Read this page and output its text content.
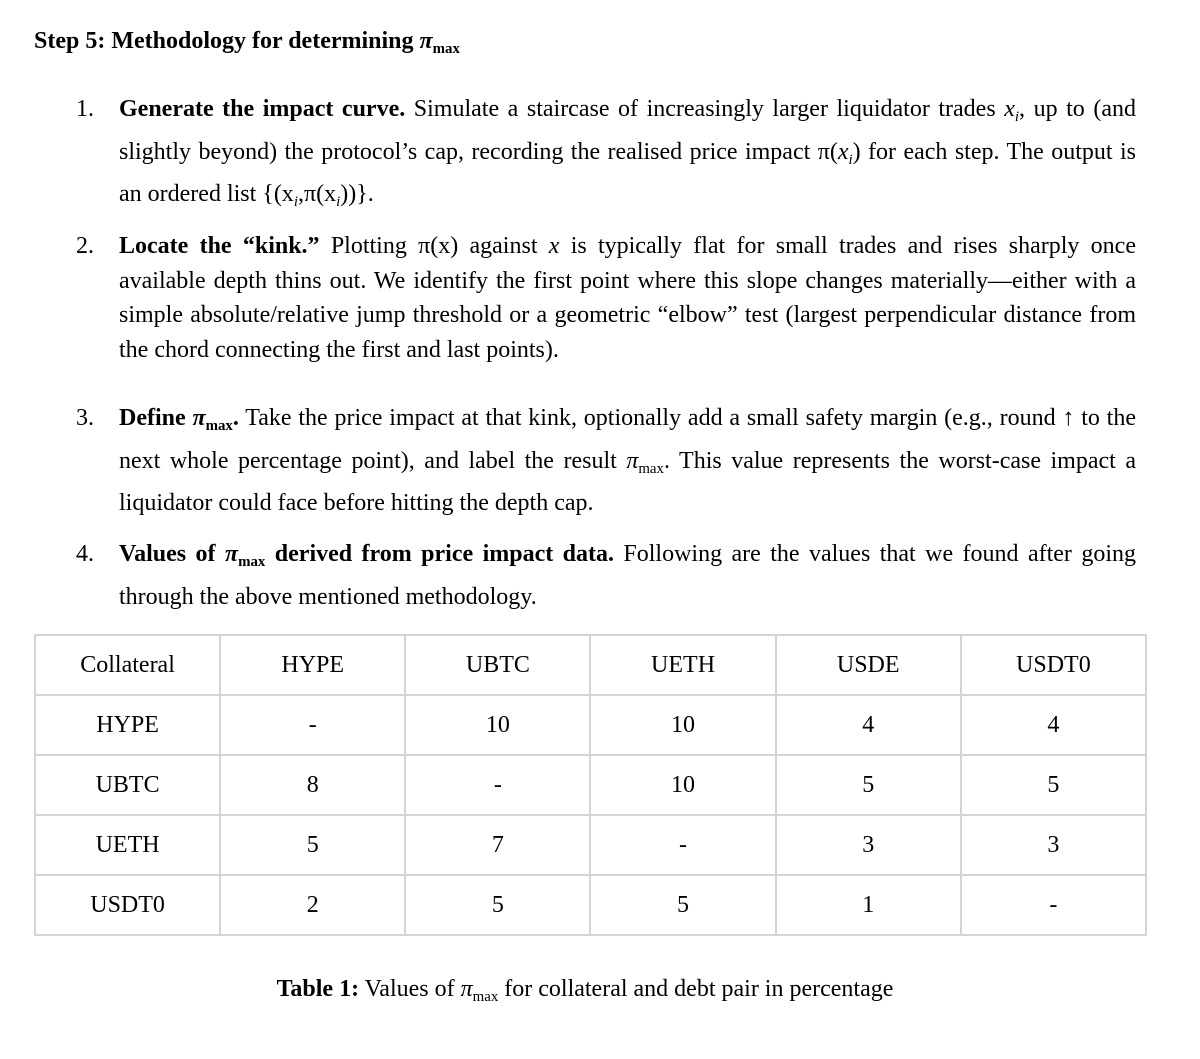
Step 5: Methodology for determining $\pi_{max}$
1.	Generate the impact curve. Simulate a staircase of increasingly larger liquidator trades $x_i$, up to (and slightly beyond) the protocol’s cap, recording the realised price impact $\pi(x_i)$ for each step. The output is an ordered list $\{(x_i,\pi(x_i))\}$.
2.	Locate the “kink.” Plotting π(x) against x is typically flat for small trades and rises sharply once available depth thins out. We identify the first point where this slope changes materially—either with a simple absolute/relative jump threshold or a geometric “elbow” test (largest perpendicular distance from the chord connecting the first and last points).
3.	Define $\pi_{max}$. Take the price impact at that kink, optionally add a small safety margin (e.g., round ↑ to the next whole percentage point), and label the result $\pi_{max}$. This value represents the worst-case impact a liquidator could face before hitting the depth cap.
4.	Values of $\pi_{max}$ derived from price impact data. Following are the values that we found after going through the above mentioned methodology.
Collateral	HYPE	UBTC	UETH	USDE	USDT0
HYPE	-	10	10	4	4
UBTC	8	-	10	5	5
UETH	5	7	-	3	3
USDT0	2	5	5	1	-
Table 1: Values of $\pi_{max}$ for collateral and debt pair in percentage
